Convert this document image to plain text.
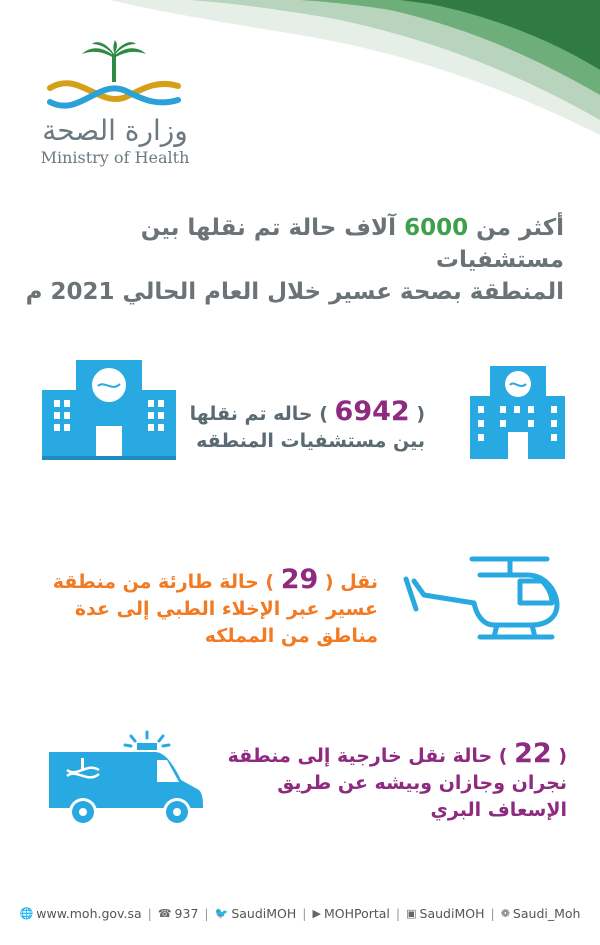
وزارة الصحة
Ministry of Health
أكثر من 6000 آلاف حالة تم نقلها بين مستشفيات
المنطقة بصحة عسير خلال العام الحالي 2021 م
( 6942 ) حاله تم نقلها
بين مستشفيات المنطقه
نقل ( 29 ) حالة طارئة من منطقة
عسير عبر الإخلاء الطبي إلى عدة
مناطق من المملكه
( 22 ) حالة نقل خارجية إلى منطقة
نجران وجازان وبيشه عن طريق
الإسعاف البري
🌐 www.moh.gov.sa | ☎ 937 | 🐦 SaudiMOH | ▶ MOHPortal | ▣ SaudiMOH | ❁ Saudi_Moh
